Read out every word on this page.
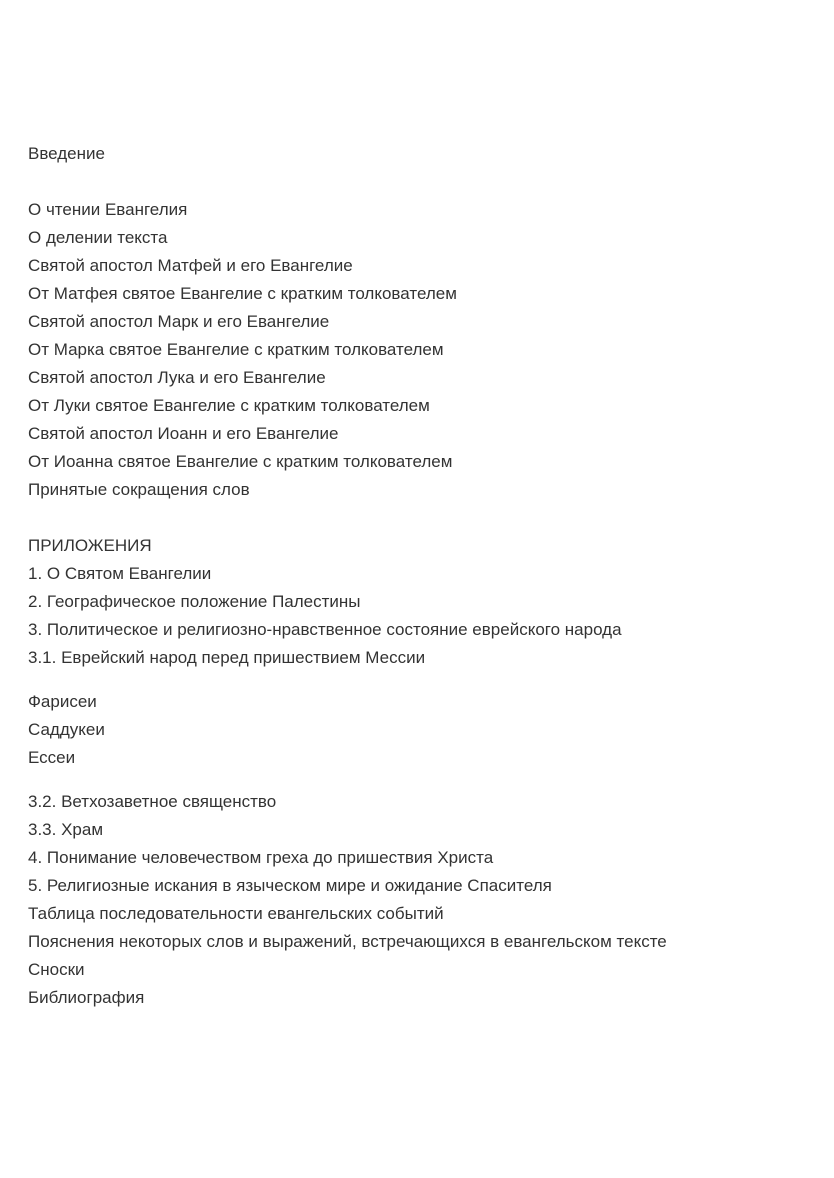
Введение
О чтении Евангелия
О делении текста
Святой апостол Матфей и его Евангелие
От Матфея святое Евангелие с кратким толкователем
Святой апостол Марк и его Евангелие
От Марка святое Евангелие с кратким толкователем
Святой апостол Лука и его Евангелие
От Луки святое Евангелие с кратким толкователем
Святой апостол Иоанн и его Евангелие
От Иоанна святое Евангелие с кратким толкователем
Принятые сокращения слов
ПРИЛОЖЕНИЯ
1. О Святом Евангелии
2. Географическое положение Палестины
3. Политическое и религиозно-нравственное состояние еврейского народа
3.1. Еврейский народ перед пришествием Мессии
Фарисеи
Саддукеи
Ессеи
3.2. Ветхозаветное священство
3.3. Храм
4. Понимание человечеством греха до пришествия Христа
5. Религиозные искания в языческом мире и ожидание Спасителя
Таблица последовательности евангельских событий
Пояснения некоторых слов и выражений, встречающихся в евангельском тексте
Сноски
Библиография
